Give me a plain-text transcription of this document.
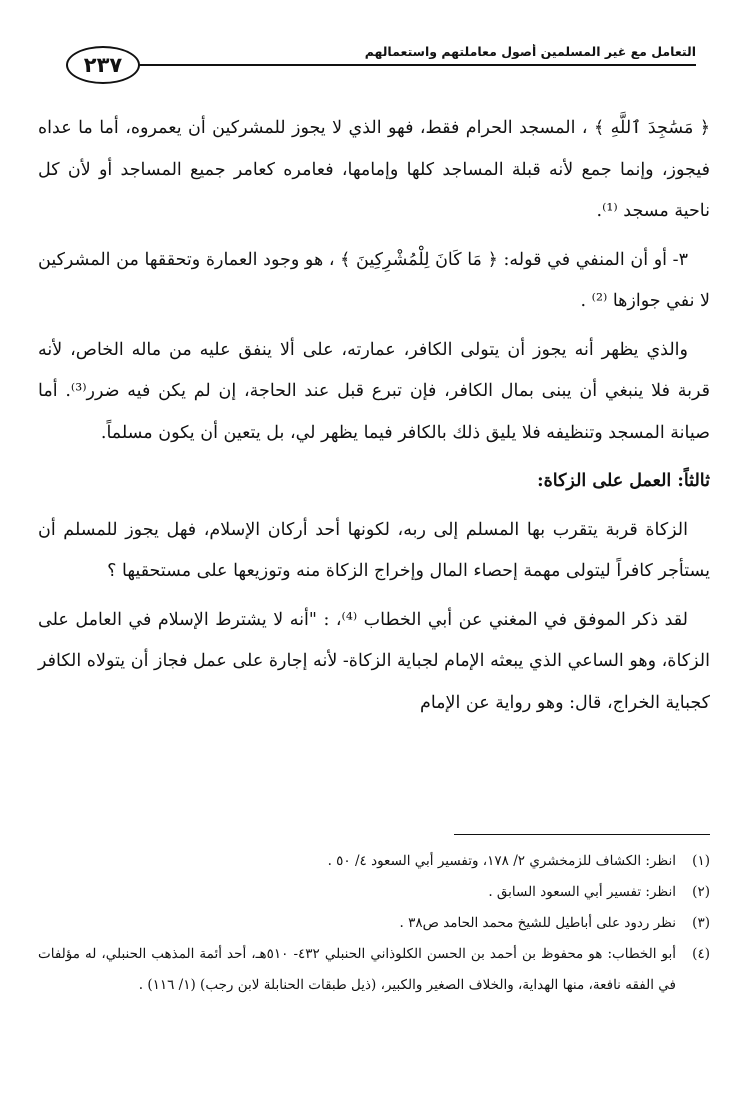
التعامل مع غير المسلمين أصول معاملتهم واستعمالهم
٢٣٧

﴿ مَسَٰجِدَ ٱللَّهِ ﴾ ، المسجد الحرام فقط، فهو الذي لا يجوز للمشركين أن يعمروه، أما ما عداه فيجوز، وإنما جمع لأنه قبلة المساجد كلها وإمامها، فعامره كعامر جميع المساجد أو لأن كل ناحية مسجد ⁽¹⁾.

٣- أو أن المنفي في قوله: ﴿ مَا كَانَ لِلْمُشْرِكِينَ ﴾ ، هو وجود العمارة وتحققها من المشركين لا نفي جوازها ⁽²⁾ .

والذي يظهر أنه يجوز أن يتولى الكافر، عمارته، على ألا ينفق عليه من ماله الخاص، لأنه قربة فلا ينبغي أن يبنى بمال الكافر، فإن تبرع قبل عند الحاجة، إن لم يكن فيه ضرر⁽³⁾. أما صيانة المسجد وتنظيفه فلا يليق ذلك بالكافر فيما يظهر لي، بل يتعين أن يكون مسلماً.

ثالثاً: العمل على الزكاة:

الزكاة قربة يتقرب بها المسلم إلى ربه، لكونها أحد أركان الإسلام، فهل يجوز للمسلم أن يستأجر كافراً ليتولى مهمة إحصاء المال وإخراج الزكاة منه وتوزيعها على مستحقيها ؟

لقد ذكر الموفق في المغني عن أبي الخطاب ⁽⁴⁾، : "أنه لا يشترط الإسلام في العامل على الزكاة، وهو الساعي الذي يبعثه الإمام لجباية الزكاة- لأنه إجارة على عمل فجاز أن يتولاه الكافر كجباية الخراج، قال: وهو رواية عن الإمام

(١)
انظر: الكشاف للزمخشري ٢/ ١٧٨، وتفسير أبي السعود ٤/ ٥٠ .
(٢)
انظر: تفسير أبي السعود السابق .
(٣)
نظر ردود على أباطيل للشيخ محمد الحامد ص٣٨ .
(٤)
أبو الخطاب: هو محفوظ بن أحمد بن الحسن الكلوذاني الحنبلي ٤٣٢- ٥١٠هـ، أحد أئمة المذهب الحنبلي، له مؤلفات في الفقه نافعة، منها الهداية، والخلاف الصغير والكبير، (ذيل طبقات الحنابلة لابن رجب) (١/ ١١٦) .
